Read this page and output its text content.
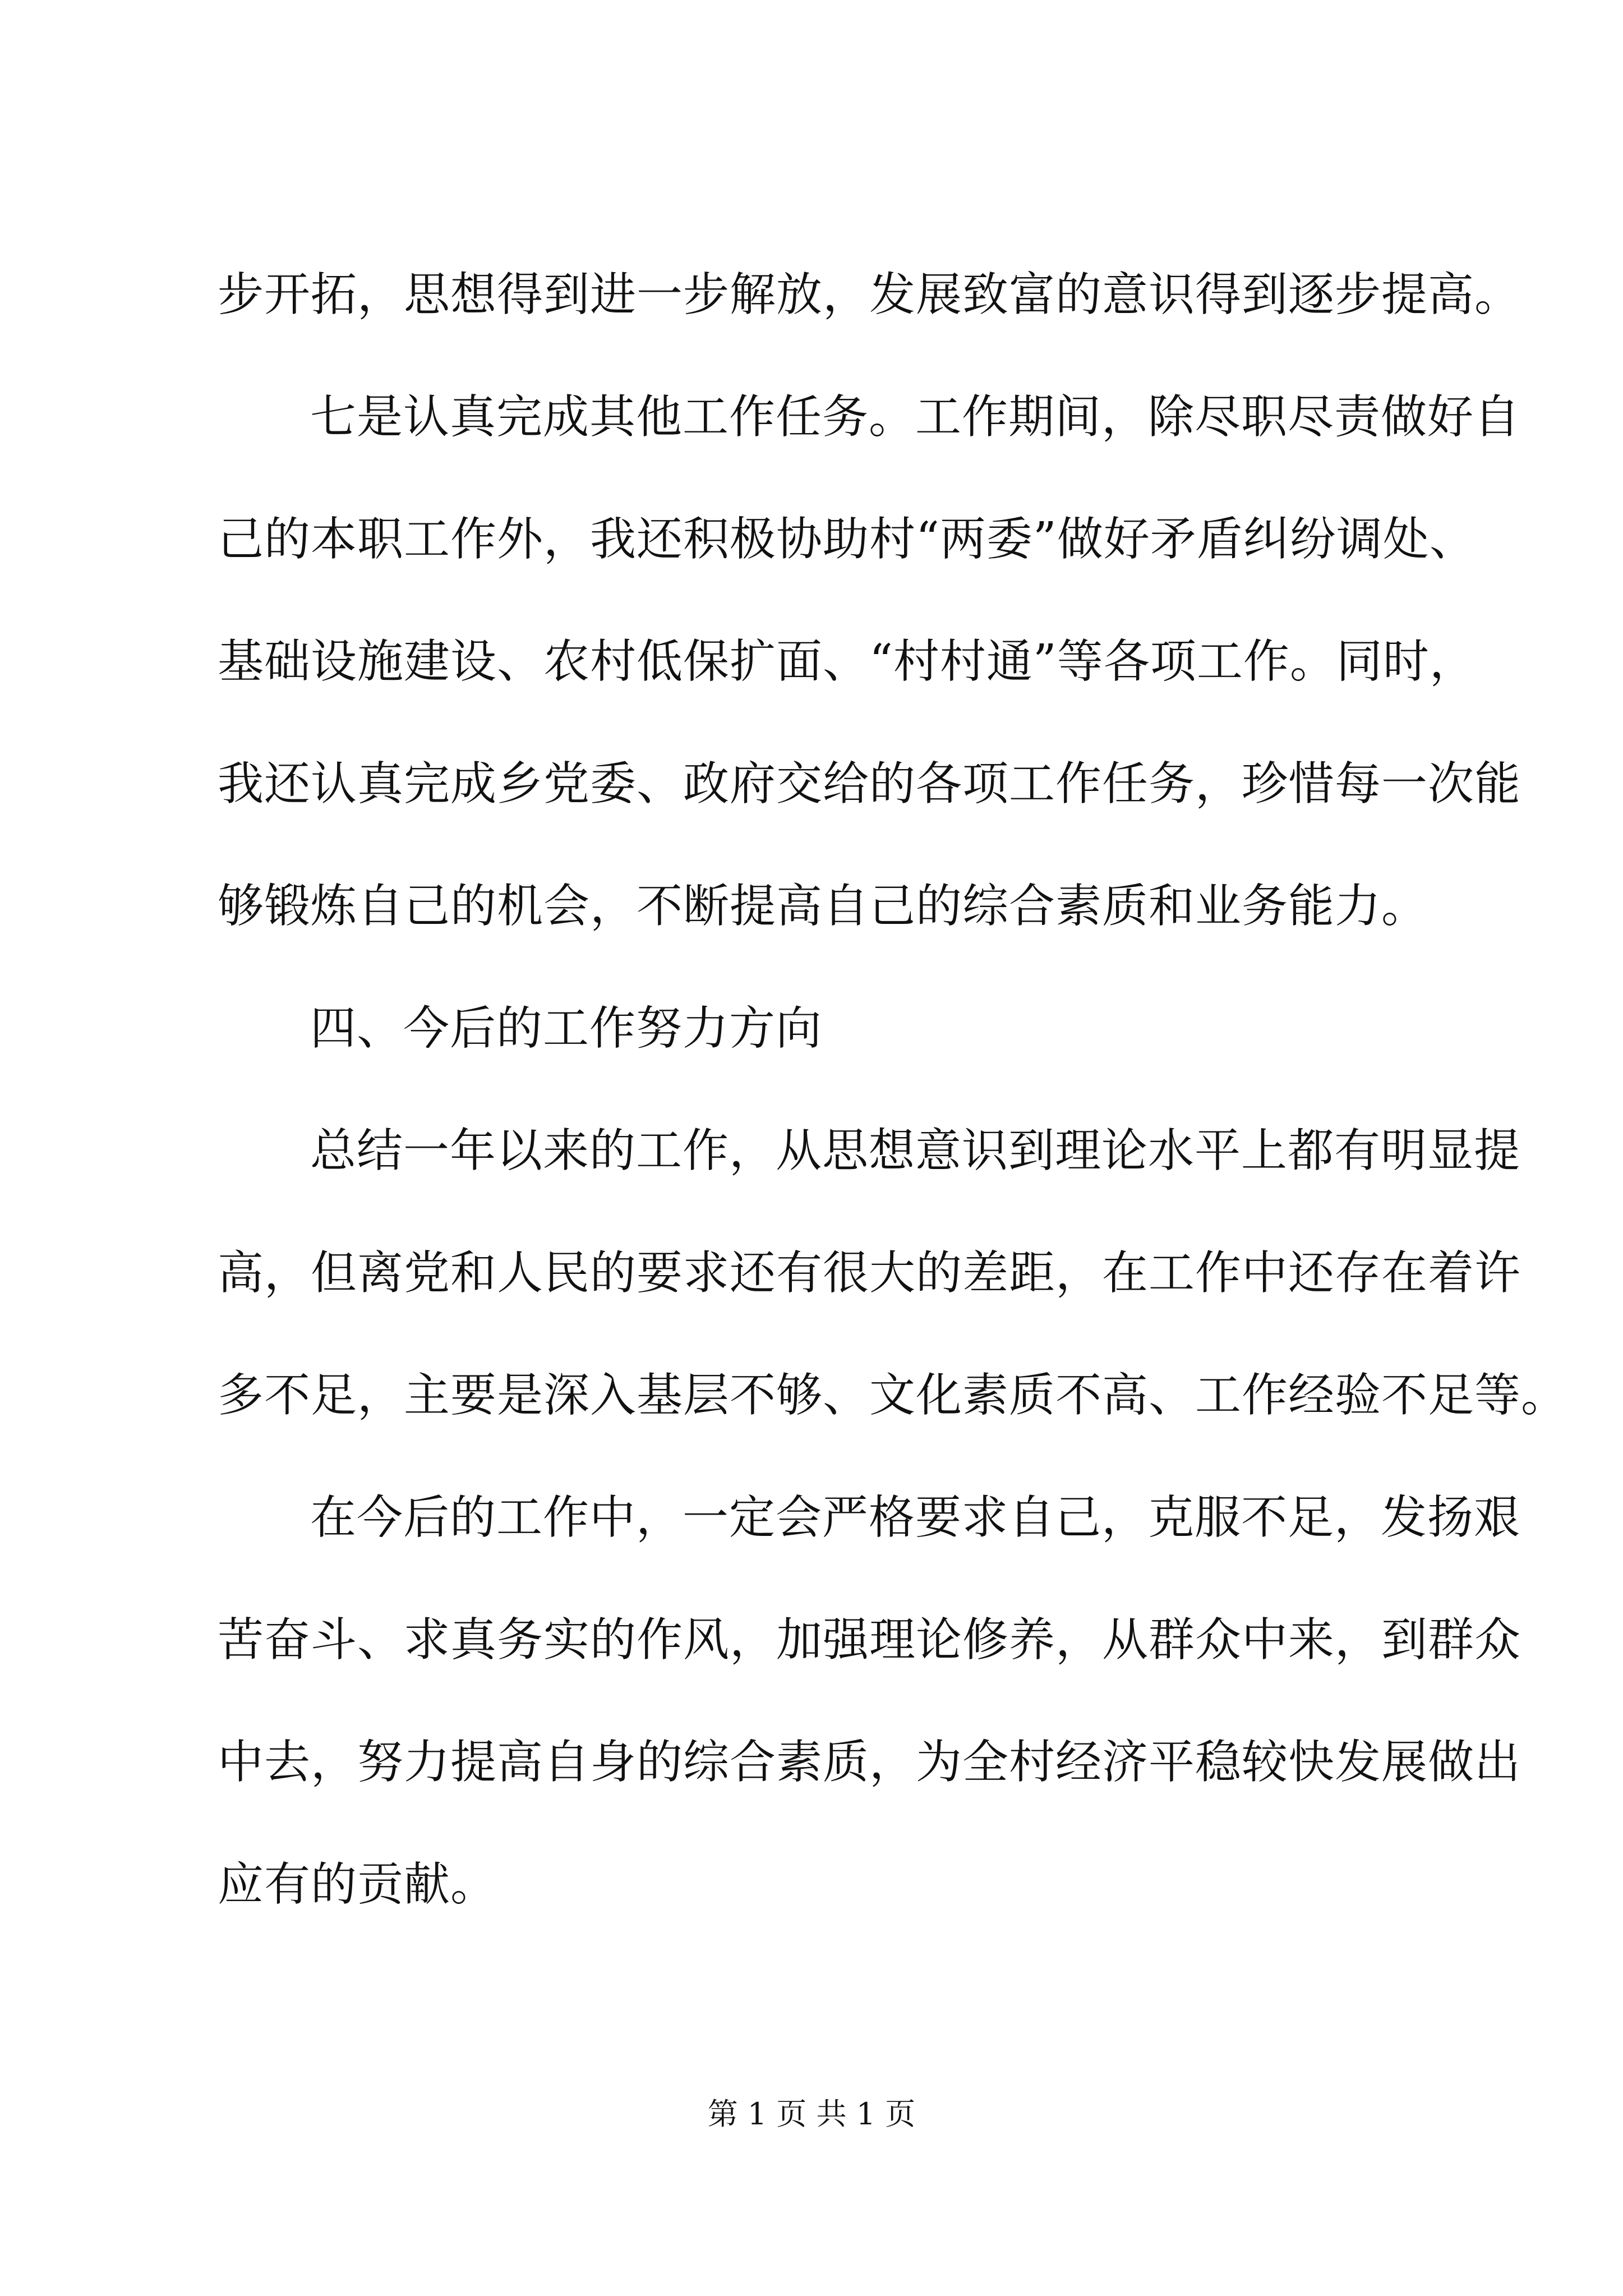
步开拓，思想得到进一步解放，发展致富的意识得到逐步提高。
七是认真完成其他工作任务。工作期间，除尽职尽责做好自
己的本职工作外，我还积极协助村“两委”做好矛盾纠纷调处、
基础设施建设、农村低保扩面、“村村通”等各项工作。同时，
我还认真完成乡党委、政府交给的各项工作任务，珍惜每一次能
够锻炼自己的机会，不断提高自己的综合素质和业务能力。
四、今后的工作努力方向
总结一年以来的工作，从思想意识到理论水平上都有明显提
高，但离党和人民的要求还有很大的差距，在工作中还存在着许
多不足，主要是深入基层不够、文化素质不高、工作经验不足等。
在今后的工作中，一定会严格要求自己，克服不足，发扬艰
苦奋斗、求真务实的作风，加强理论修养，从群众中来，到群众
中去，努力提高自身的综合素质，为全村经济平稳较快发展做出
应有的贡献。
第 1 页 共 1 页
